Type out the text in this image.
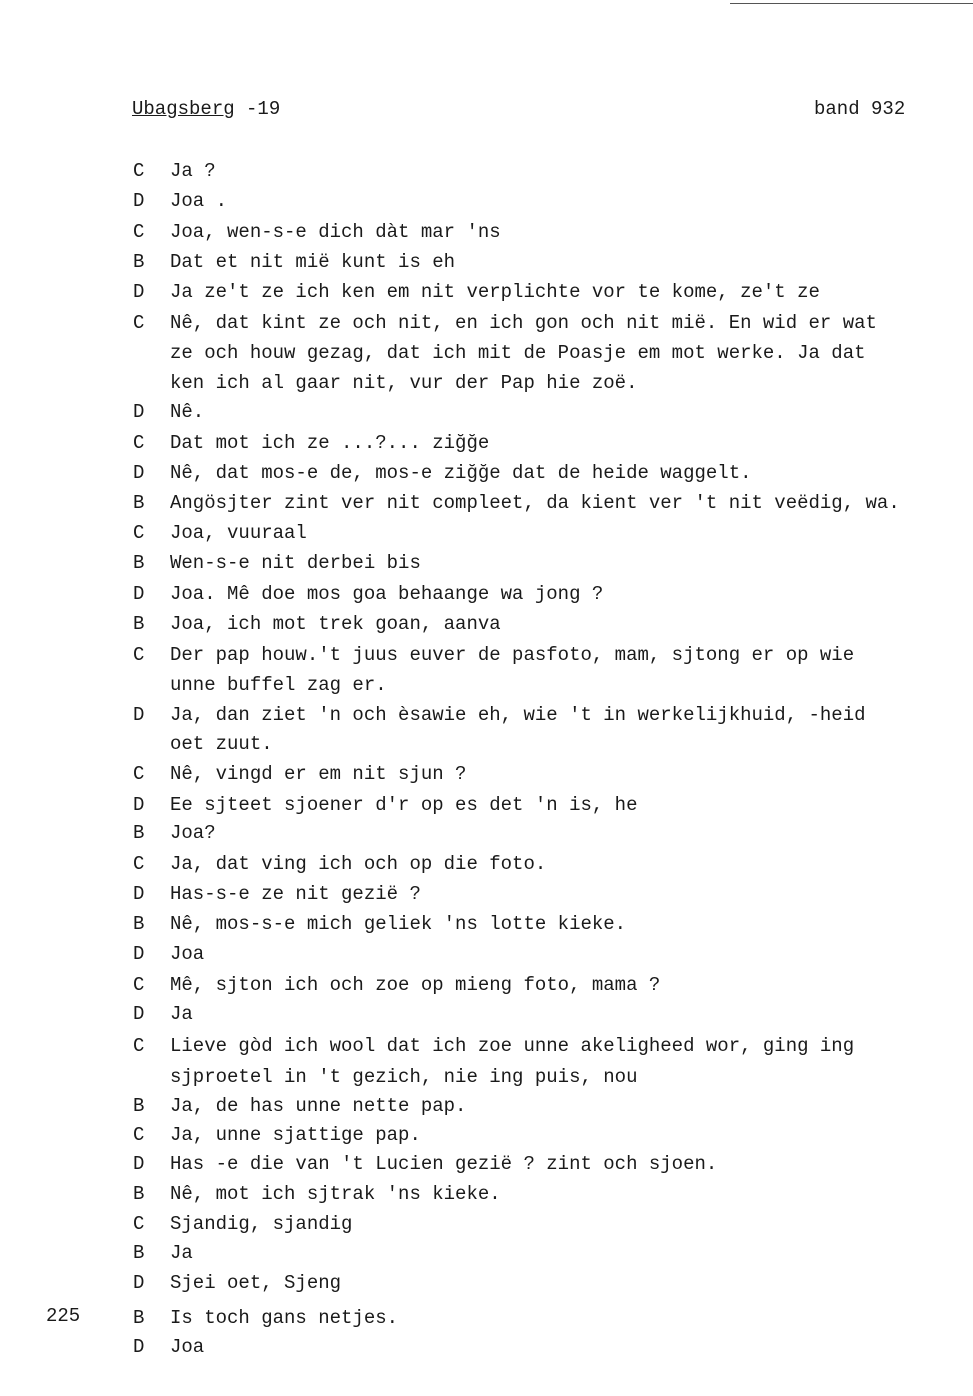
Ubagsberg -19	band 932
225
C	Ja ?
D	Joa .
C	Joa, wen-s-e dich dàt mar 'ns
B	Dat et nit miё kunt is eh
D	Ja ze't ze ich ken em nit verplichte vor te kome, ze't ze
C	Nê, dat kint ze och nit, en ich gon och nit miё. En wid er wat
ze och houw gezag, dat ich mit de Poasje em mot werke. Ja dat
ken ich al gaar nit, vur der Pap hie zoё.
D	Nê.
C	Dat mot ich ze ...?... ziğğe
D	Nê, dat mos-e de, mos-e ziğğe dat de heide waggelt.
B	Angösjter zint ver nit compleet, da kient ver 't nit veёdig, wa.
C	Joa, vuuraal
B	Wen-s-e nit derbei bis
D	Joa. Mê doe mos goa behaange wa jong ?
B	Joa, ich mot trek goan, aanva
C	Der pap houw.'t juus euver de pasfoto, mam, sjtong er op wie
unne buffel zag er.
D	Ja, dan ziet 'n och èsawie eh, wie 't in werkelijkhuid, -heid
oet zuut.
C	Nê, vingd er em nit sjun ?
D	Ee sjteet sjoener d'r op es det 'n is, he
B	Joa?
C	Ja, dat ving ich och op die foto.
D	Has-s-e ze nit geziё ?
B	Nê, mos-s-e mich geliek 'ns lotte kieke.
D	Joa
C	Mê, sjton ich och zoe op mieng foto, mama ?
D	Ja
C	Lieve gòd ich wool dat ich zoe unne akeligheed wor, ging ing
sjproetel in 't gezich, nie ing puis, nou
B	Ja, de has unne nette pap.
C	Ja, unne sjattige pap.
D	Has -e die van 't Lucien geziё ? zint och sjoen.
B	Nê, mot ich sjtrak 'ns kieke.
C	Sjandig, sjandig
B	Ja
D	Sjei oet, Sjeng
B	Is toch gans netjes.
D	Joa
